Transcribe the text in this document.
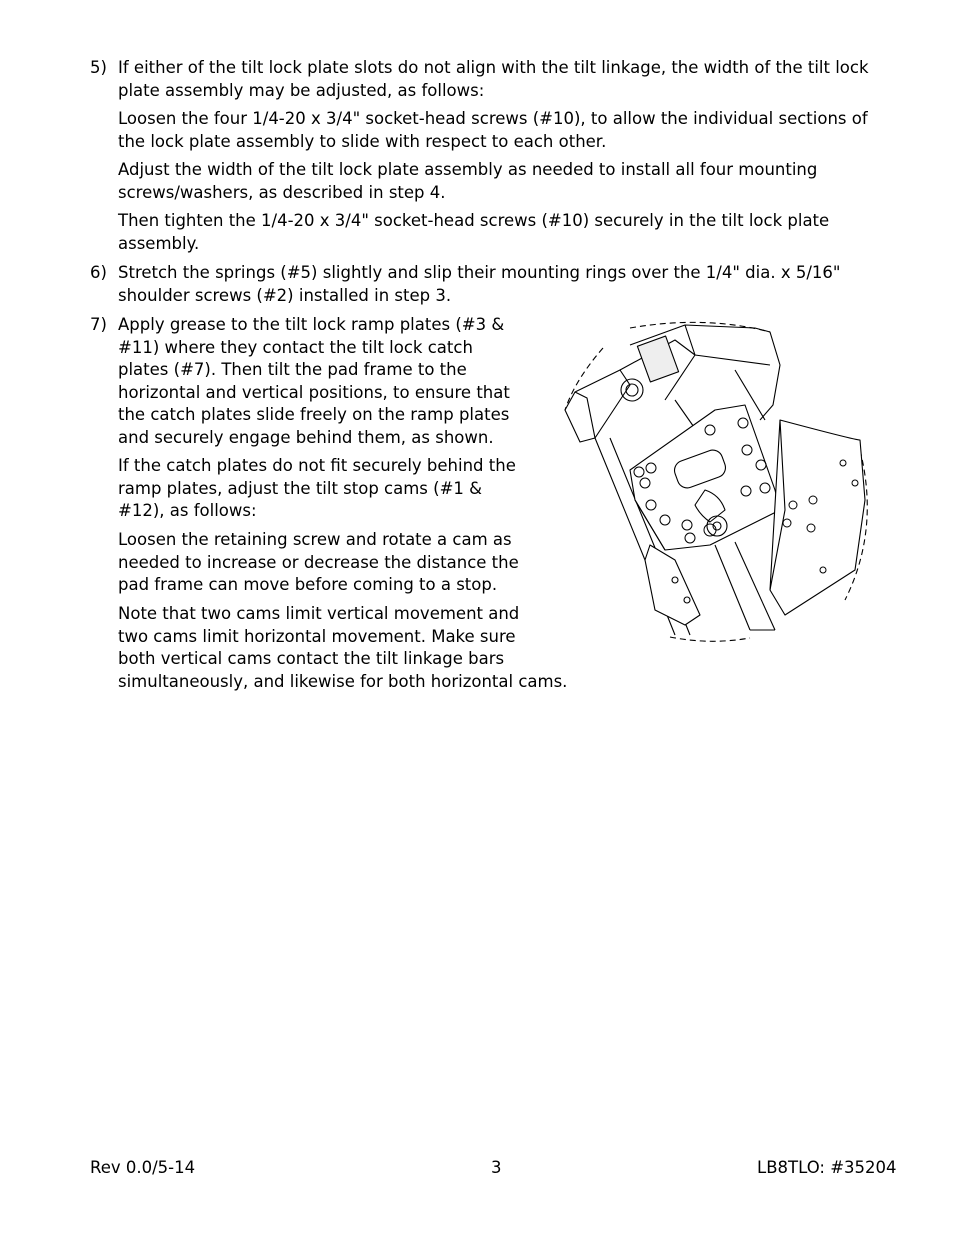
5) If either of the tilt lock plate slots do not align with the tilt linkage, the width of the tilt lock
plate assembly may be adjusted, as follows:
Loosen the four 1/4-20 x 3/4" socket-head screws (#10), to allow the individual sections of
the lock plate assembly to slide with respect to each other.
Adjust the width of the tilt lock plate assembly as needed to install all four mounting
screws/washers, as described in step 4.
Then tighten the 1/4-20 x 3/4" socket-head screws (#10) securely in the tilt lock plate
assembly.
6) Stretch the springs (#5) slightly and slip their mounting rings over the 1/4" dia. x 5/16"
shoulder screws (#2) installed in step 3.
7) Apply grease to the tilt lock ramp plates (#3 &
#11) where they contact the tilt lock catch
plates (#7). Then tilt the pad frame to the
horizontal and vertical positions, to ensure that
the catch plates slide freely on the ramp plates
and securely engage behind them, as shown.
If the catch plates do not fit securely behind the
ramp plates, adjust the tilt stop cams (#1 &
#12), as follows:
Loosen the retaining screw and rotate a cam as
needed to increase or decrease the distance the
pad frame can move before coming to a stop.
Note that two cams limit vertical movement and
two cams limit horizontal movement. Make sure
both vertical cams contact the tilt linkage bars
simultaneously, and likewise for both horizontal cams.
Rev 0.0/5-14	3	LB8TLO: #35204
